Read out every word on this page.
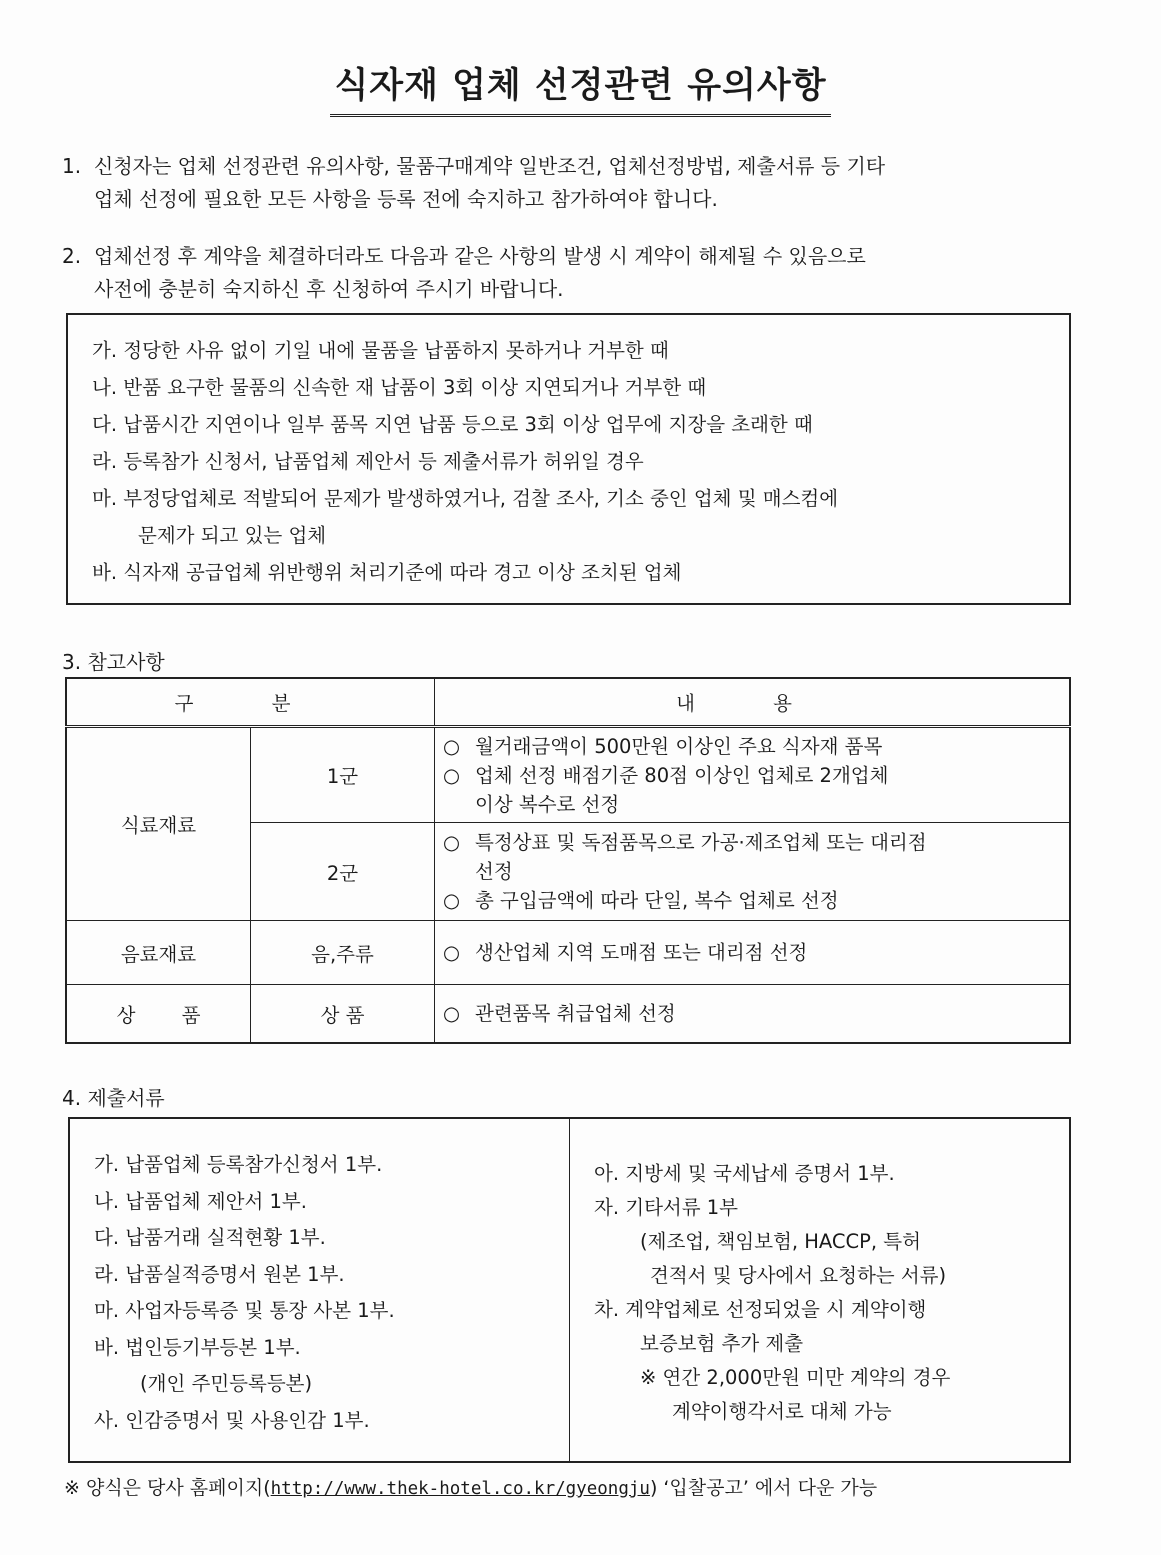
식자재 업체 선정관련 유의사항
1. 신청자는 업체 선정관련 유의사항, 물품구매계약 일반조건, 업체선정방법, 제출서류 등 기타
업체 선정에 필요한 모든 사항을 등록 전에 숙지하고 참가하여야 합니다.
2. 업체선정 후 계약을 체결하더라도 다음과 같은 사항의 발생 시 계약이 해제될 수 있음으로
사전에 충분히 숙지하신 후 신청하여 주시기 바랍니다.
가. 정당한 사유 없이 기일 내에 물품을 납품하지 못하거나 거부한 때
나. 반품 요구한 물품의 신속한 재 납품이 3회 이상 지연되거나 거부한 때
다. 납품시간 지연이나 일부 품목 지연 납품 등으로 3회 이상 업무에 지장을 초래한 때
라. 등록참가 신청서, 납품업체 제안서 등 제출서류가 허위일 경우
마. 부정당업체로 적발되어 문제가 발생하였거나, 검찰 조사, 기소 중인 업체 및 매스컴에
문제가 되고 있는 업체
바. 식자재 공급업체 위반행위 처리기준에 따라 경고 이상 조치된 업체
3. 참고사항
구 분		내 용
식료재료	1군	○ 월거래금액이 500만원 이상인 주요 식자재 품목
○ 업체 선정 배점기준 80점 이상인 업체로 2개업체
이상 복수로 선정

	2군	○ 특정상표 및 독점품목으로 가공·제조업체 또는 대리점
선정
○ 총 구입금액에 따라 단일, 복수 업체로 선정

음료재료	음,주류	○ 생산업체 지역 도매점 또는 대리점 선정

상 품	상 품	○ 관련품목 취급업체 선정
4. 제출서류
가. 납품업체 등록참가신청서 1부.
나. 납품업체 제안서 1부.
다. 납품거래 실적현황 1부.
라. 납품실적증명서 원본 1부.
마. 사업자등록증 및 통장 사본 1부.
바. 법인등기부등본 1부.
(개인 주민등록등본)
사. 인감증명서 및 사용인감 1부.
아. 지방세 및 국세납세 증명서 1부.
자. 기타서류 1부
(제조업, 책임보험, HACCP, 특허
견적서 및 당사에서 요청하는 서류)
차. 계약업체로 선정되었을 시 계약이행
보증보험 추가 제출
※ 연간 2,000만원 미만 계약의 경우
계약이행각서로 대체 가능
※ 양식은 당사 홈페이지(http://www.thek-hotel.co.kr/gyeongju) ‘입찰공고’ 에서 다운 가능
